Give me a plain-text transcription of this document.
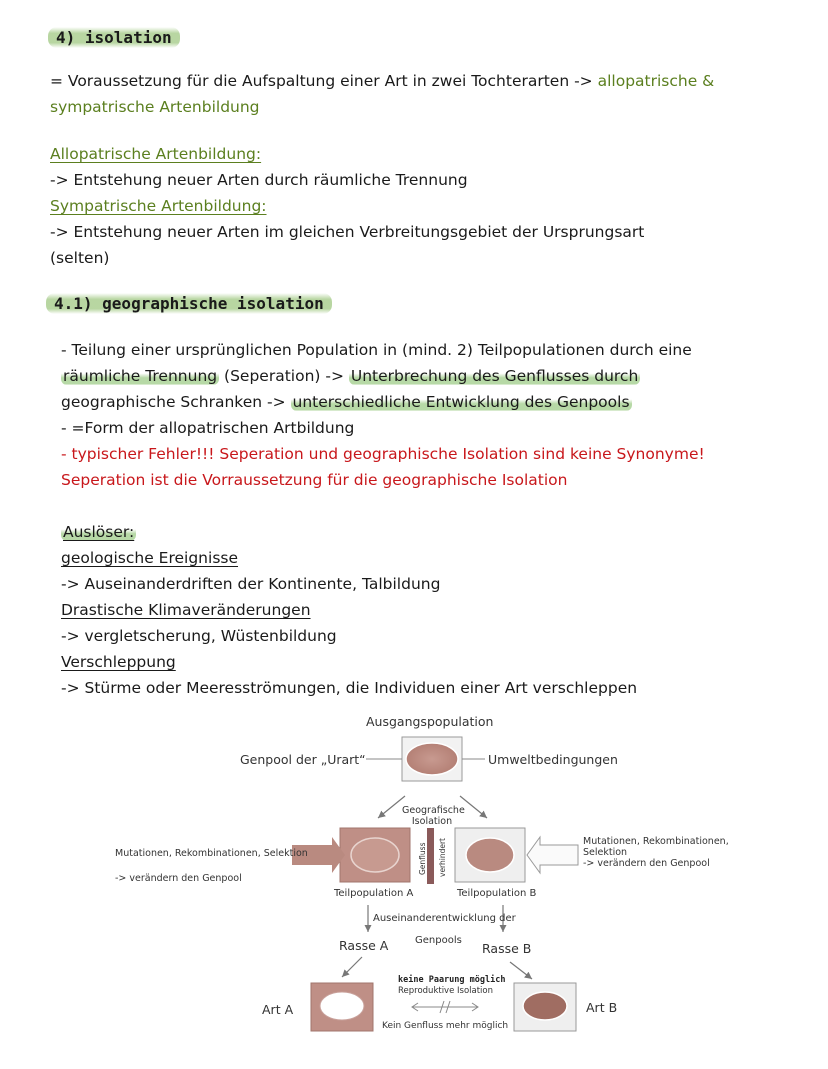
4) isolation
= Voraussetzung für die Aufspaltung einer Art in zwei Tochterarten -> allopatrische &
sympatrische Artenbildung
Allopatrische Artenbildung:
-> Entstehung neuer Arten durch räumliche Trennung
Sympatrische Artenbildung:
-> Entstehung neuer Arten im gleichen Verbreitungsgebiet der Ursprungsart
(selten)
4.1) geographische isolation
- Teilung einer ursprünglichen Population in (mind. 2) Teilpopulationen durch eine
räumliche Trennung (Seperation) -> Unterbrechung des Genflusses durch
geographische Schranken -> unterschiedliche Entwicklung des Genpools
- =Form der allopatrischen Artbildung
- typischer Fehler!!! Seperation und geographische Isolation sind keine Synonyme!
Seperation ist die Vorraussetzung für die geographische Isolation
Auslöser:
geologische Ereignisse
-> Auseinanderdriften der Kontinente, Talbildung
Drastische Klimaveränderungen
-> vergletscherung, Wüstenbildung
Verschleppung
-> Stürme oder Meeresströmungen, die Individuen einer Art verschleppen
Ausgangspopulation
Genpool der „Urart“	Umweltbedingungen
Geografische
Isolation
Genfluss verhindert
Mutationen, Rekombinationen, Selektion
-> verändern den Genpool
Mutationen, Rekombinationen,
Selektion
-> verändern den Genpool
Teilpopulation A	Teilpopulation B
Auseinanderentwicklung der
Genpools
Rasse A	Rasse B
keine Paarung möglich
Reproduktive Isolation
Kein Genfluss mehr möglich
Art A	Art B
